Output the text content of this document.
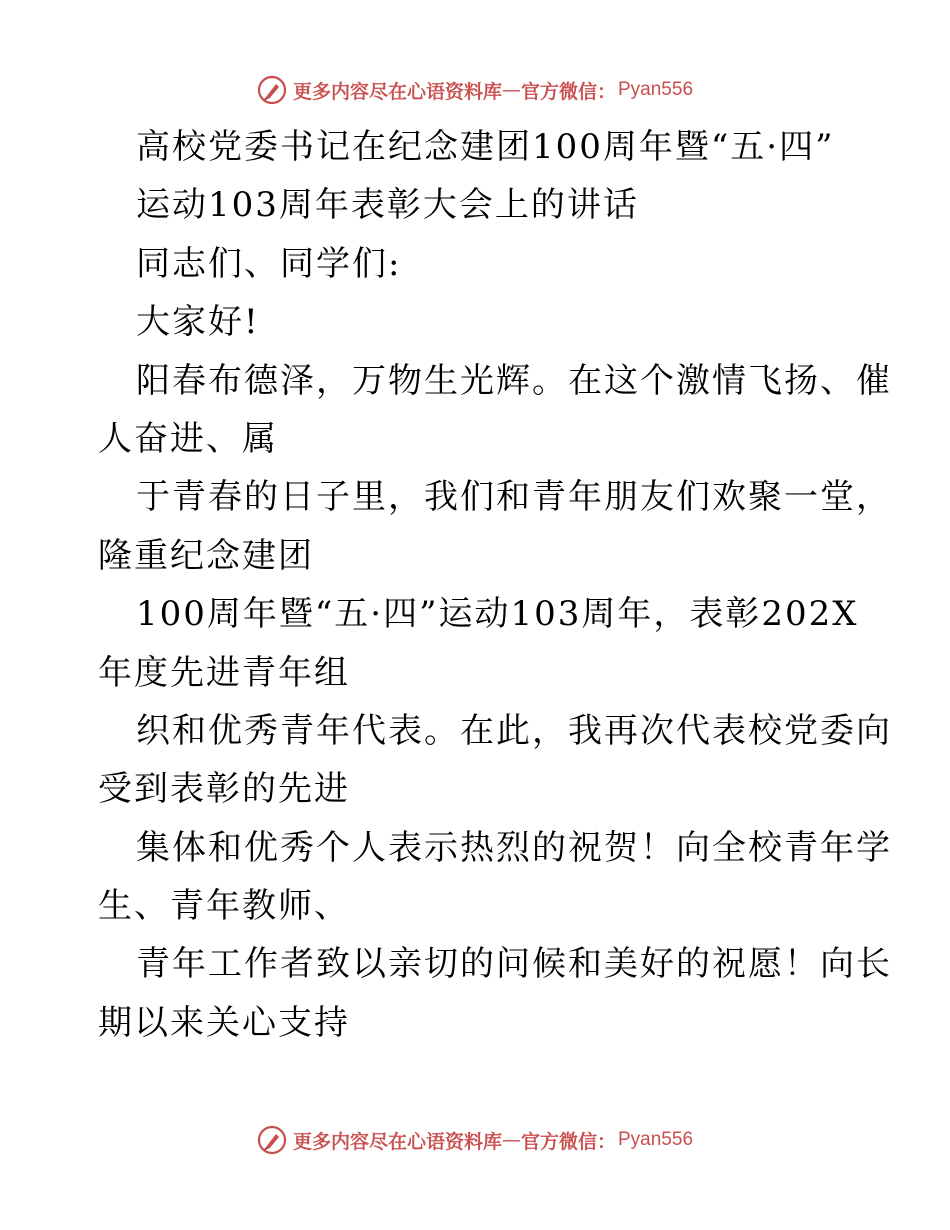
更多内容尽在心语资料库 — 官方微信： Pyan556
高校党委书记在纪念建团100周年暨“五·四”
运动103周年表彰大会上的讲话
同志们、同学们:
大家好!
阳春布德泽，万物生光辉。在这个激情飞扬、催
人奋进、属
于青春的日子里，我们和青年朋友们欢聚一堂，
隆重纪念建团
100周年暨“五·四”运动103周年，表彰202X
年度先进青年组
织和优秀青年代表。在此，我再次代表校党委向
受到表彰的先进
集体和优秀个人表示热烈的祝贺！向全校青年学
生、青年教师、
青年工作者致以亲切的问候和美好的祝愿！向长
期以来关心支持
更多内容尽在心语资料库 — 官方微信： Pyan556
